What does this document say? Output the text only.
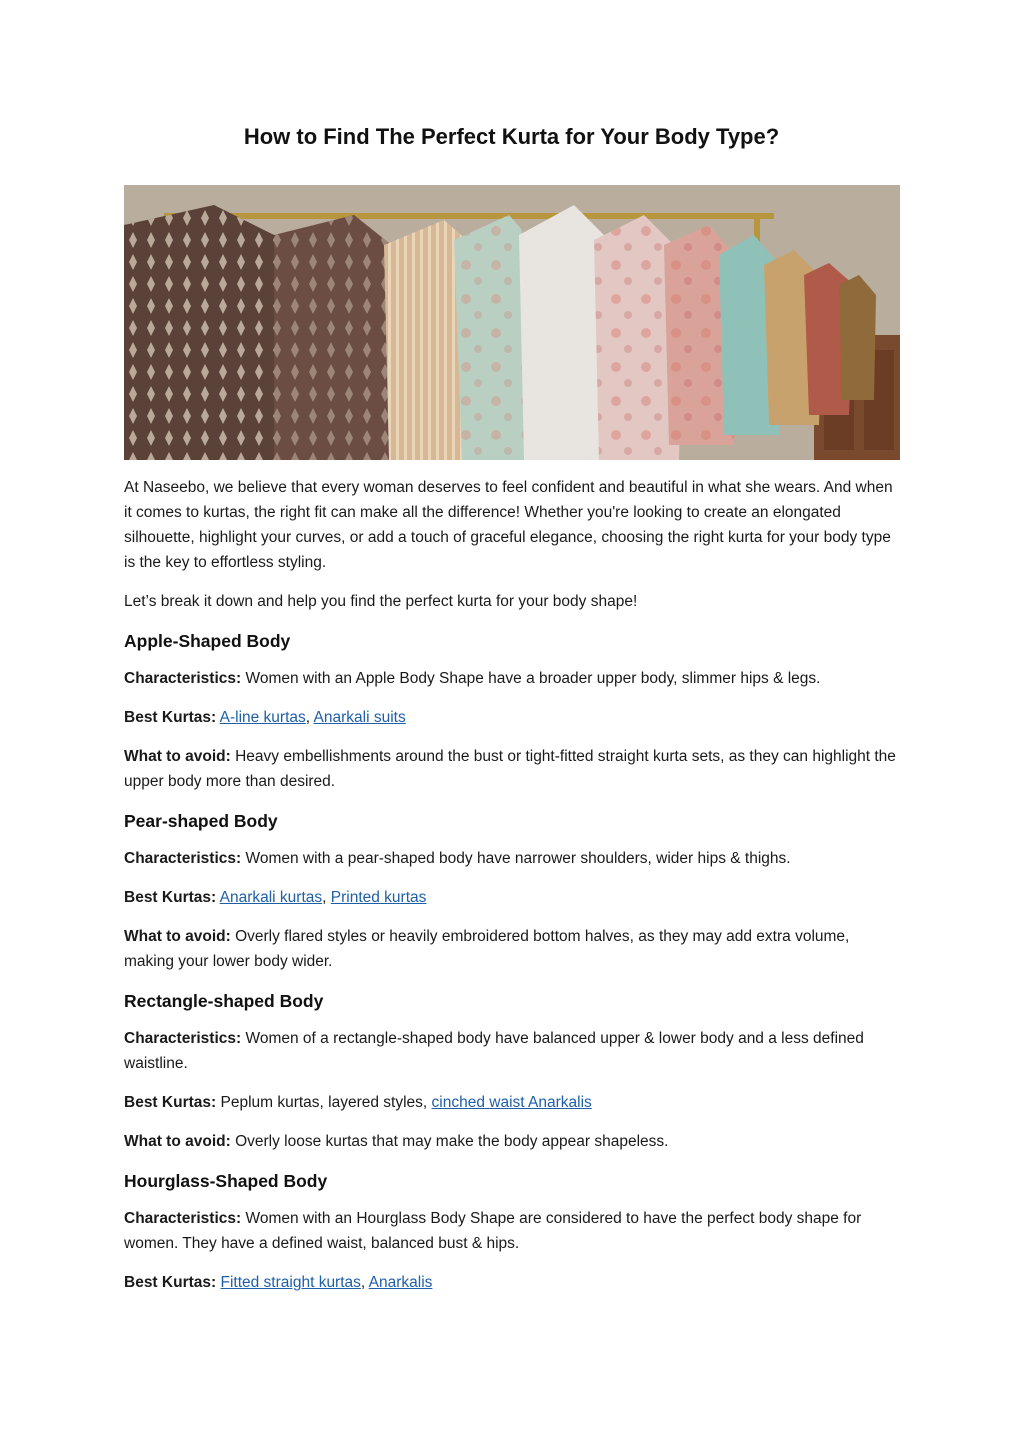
How to Find The Perfect Kurta for Your Body Type?

At Naseebo, we believe that every woman deserves to feel confident and beautiful in what she wears. And when it comes to kurtas, the right fit can make all the difference! Whether you're looking to create an elongated silhouette, highlight your curves, or add a touch of graceful elegance, choosing the right kurta for your body type is the key to effortless styling.

Let’s break it down and help you find the perfect kurta for your body shape!

Apple-Shaped Body

Characteristics: Women with an Apple Body Shape have a broader upper body, slimmer hips & legs.

Best Kurtas: A-line kurtas, Anarkali suits

What to avoid: Heavy embellishments around the bust or tight-fitted straight kurta sets, as they can highlight the upper body more than desired.

Pear-shaped Body

Characteristics: Women with a pear-shaped body have narrower shoulders, wider hips & thighs.

Best Kurtas: Anarkali kurtas, Printed kurtas

What to avoid: Overly flared styles or heavily embroidered bottom halves, as they may add extra volume, making your lower body wider.

Rectangle-shaped Body

Characteristics: Women of a rectangle-shaped body have balanced upper & lower body and a less defined waistline.

Best Kurtas: Peplum kurtas, layered styles, cinched waist Anarkalis

What to avoid: Overly loose kurtas that may make the body appear shapeless.

Hourglass-Shaped Body

Characteristics: Women with an Hourglass Body Shape are considered to have the perfect body shape for women. They have a defined waist, balanced bust & hips.

Best Kurtas: Fitted straight kurtas, Anarkalis
